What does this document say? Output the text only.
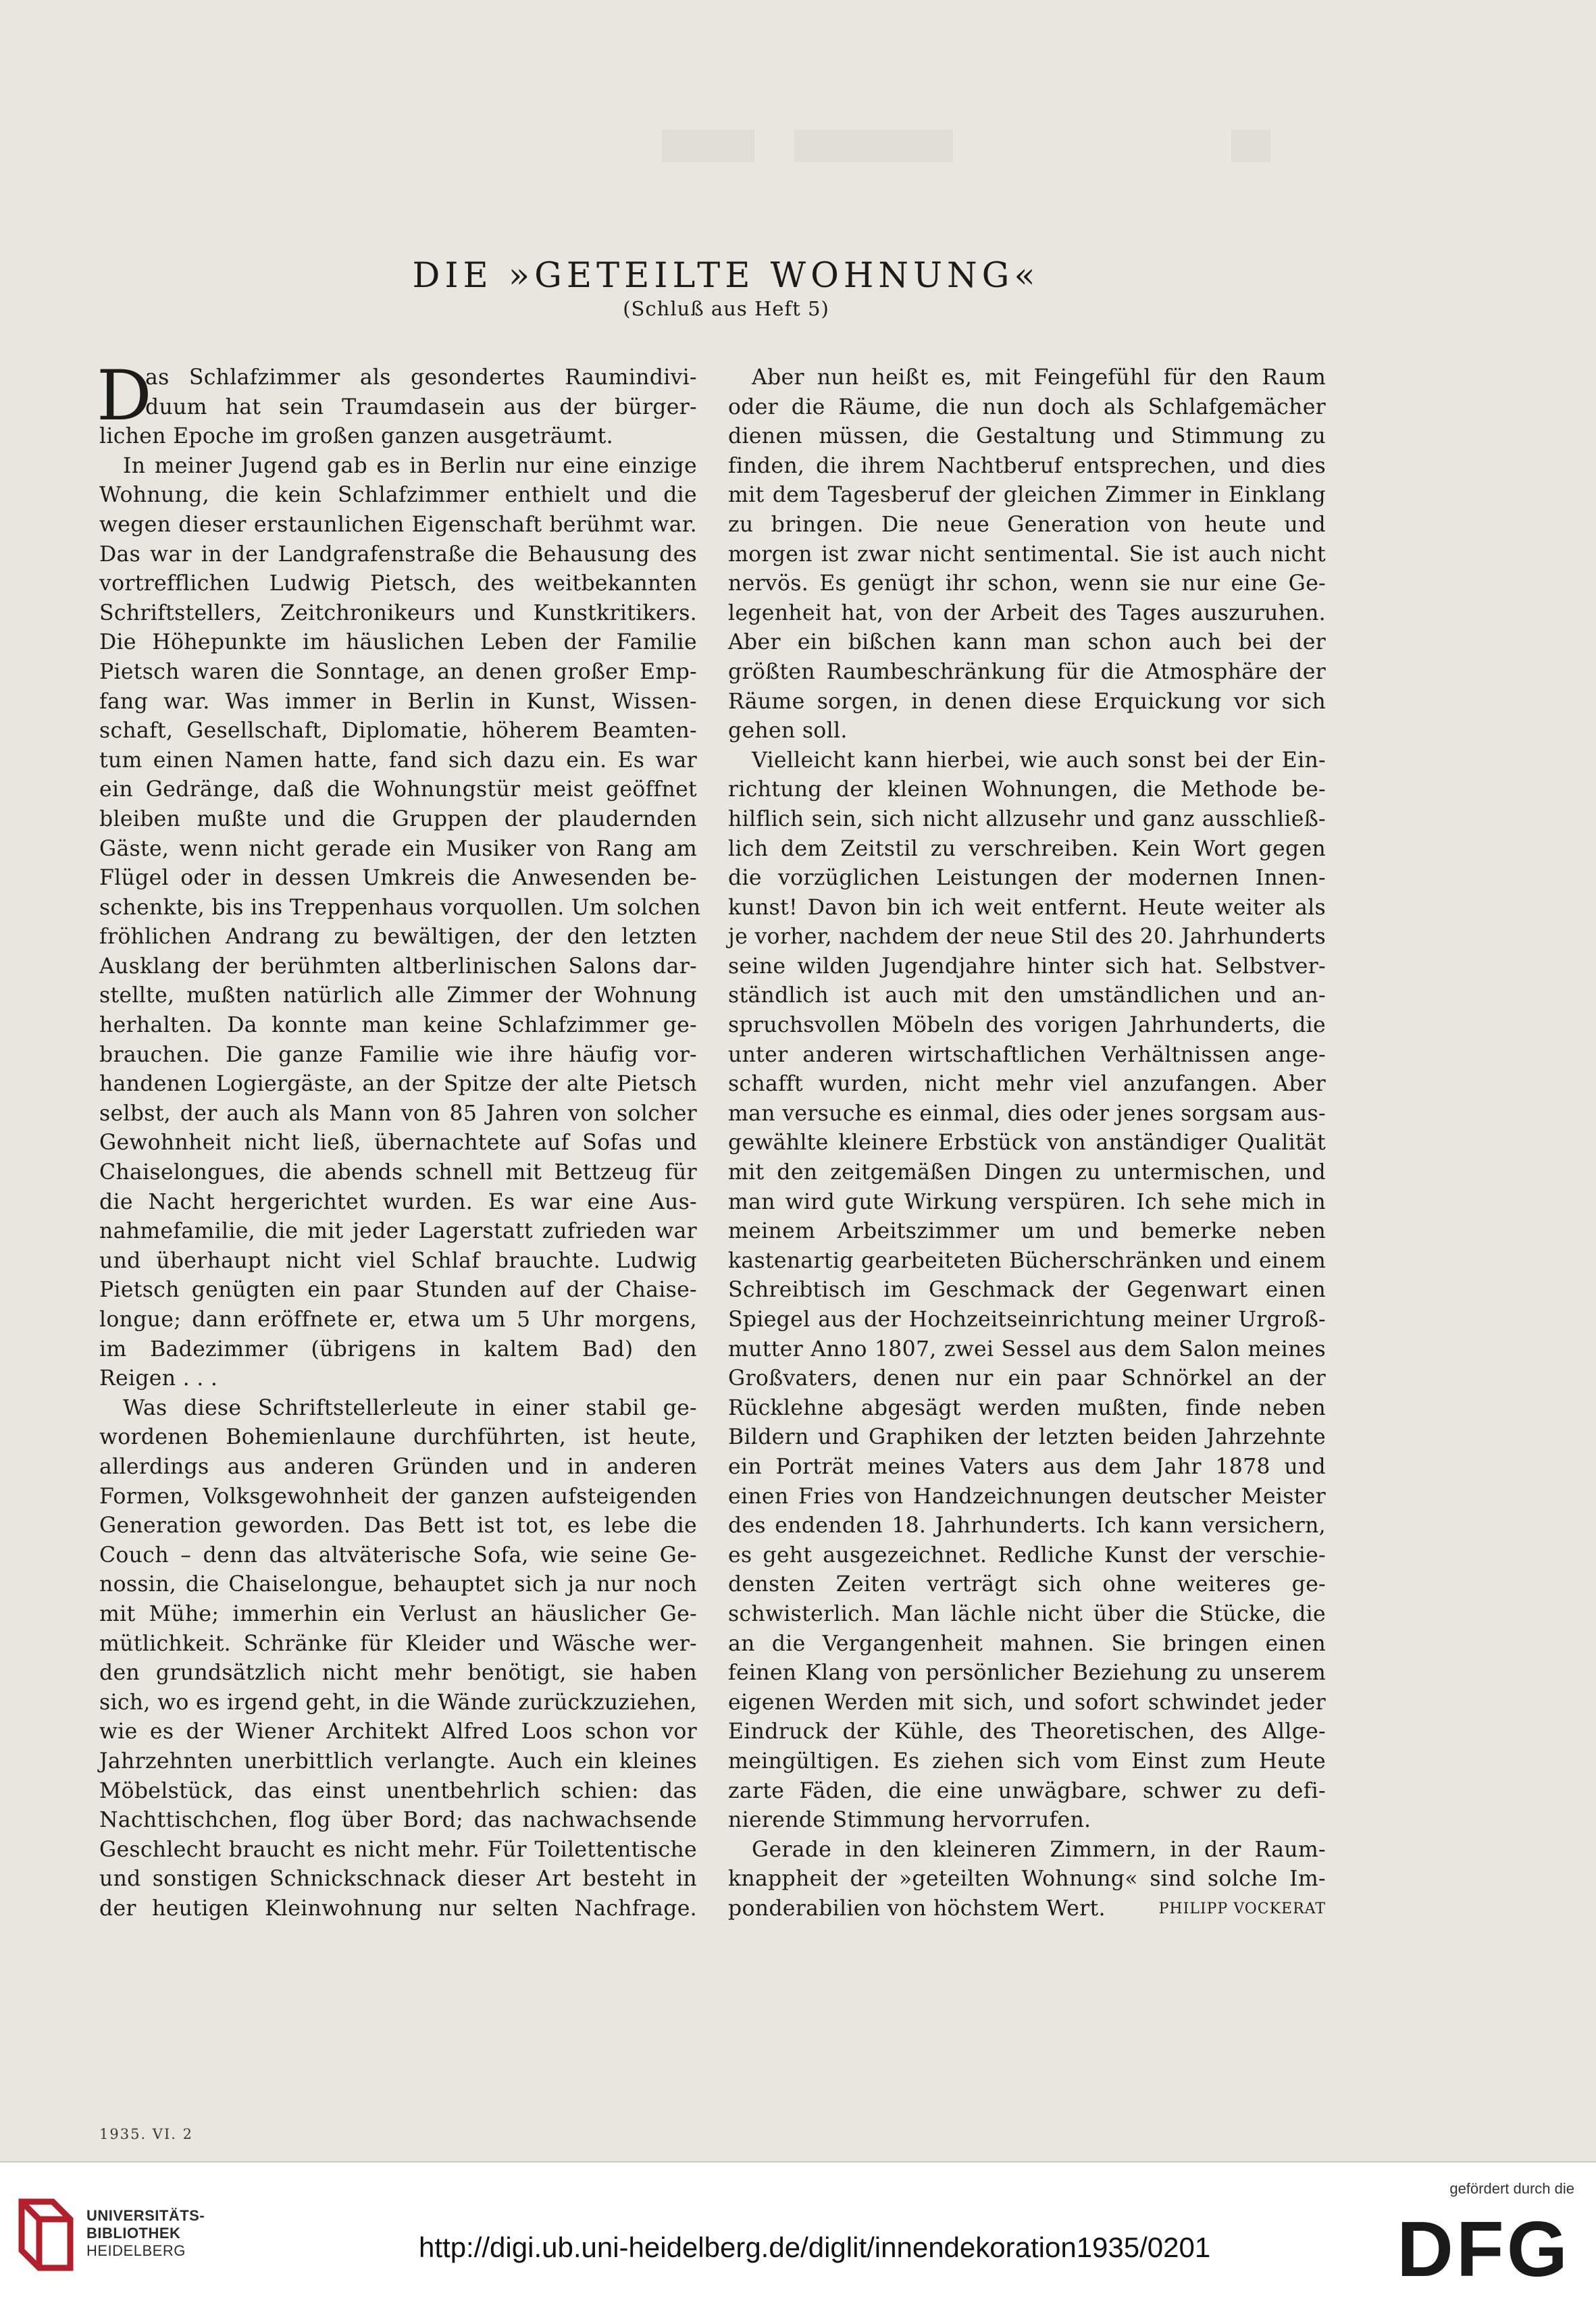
DIE »GETEILTE WOHNUNG«
(Schluß aus Heft 5)
D
as Schlafzimmer als gesondertes Raumindivi-
duum hat sein Traumdasein aus der bürger-
lichen Epoche im großen ganzen ausgeträumt.
In meiner Jugend gab es in Berlin nur eine einzige
Wohnung, die kein Schlafzimmer enthielt und die
wegen dieser erstaunlichen Eigenschaft berühmt war.
Das war in der Landgrafenstraße die Behausung des
vortrefflichen Ludwig Pietsch, des weitbekannten
Schriftstellers, Zeitchronikeurs und Kunstkritikers.
Die Höhepunkte im häuslichen Leben der Familie
Pietsch waren die Sonntage, an denen großer Emp-
fang war. Was immer in Berlin in Kunst, Wissen-
schaft, Gesellschaft, Diplomatie, höherem Beamten-
tum einen Namen hatte, fand sich dazu ein. Es war
ein Gedränge, daß die Wohnungstür meist geöffnet
bleiben mußte und die Gruppen der plaudernden
Gäste, wenn nicht gerade ein Musiker von Rang am
Flügel oder in dessen Umkreis die Anwesenden be-
schenkte, bis ins Treppenhaus vorquollen. Um solchen
fröhlichen Andrang zu bewältigen, der den letzten
Ausklang der berühmten altberlinischen Salons dar-
stellte, mußten natürlich alle Zimmer der Wohnung
herhalten. Da konnte man keine Schlafzimmer ge-
brauchen. Die ganze Familie wie ihre häufig vor-
handenen Logiergäste, an der Spitze der alte Pietsch
selbst, der auch als Mann von 85 Jahren von solcher
Gewohnheit nicht ließ, übernachtete auf Sofas und
Chaiselongues, die abends schnell mit Bettzeug für
die Nacht hergerichtet wurden. Es war eine Aus-
nahmefamilie, die mit jeder Lagerstatt zufrieden war
und überhaupt nicht viel Schlaf brauchte. Ludwig
Pietsch genügten ein paar Stunden auf der Chaise-
longue; dann eröffnete er, etwa um 5 Uhr morgens,
im Badezimmer (übrigens in kaltem Bad) den
Reigen . . .
Was diese Schriftstellerleute in einer stabil ge-
wordenen Bohemienlaune durchführten, ist heute,
allerdings aus anderen Gründen und in anderen
Formen, Volksgewohnheit der ganzen aufsteigenden
Generation geworden. Das Bett ist tot, es lebe die
Couch – denn das altväterische Sofa, wie seine Ge-
nossin, die Chaiselongue, behauptet sich ja nur noch
mit Mühe; immerhin ein Verlust an häuslicher Ge-
mütlichkeit. Schränke für Kleider und Wäsche wer-
den grundsätzlich nicht mehr benötigt, sie haben
sich, wo es irgend geht, in die Wände zurückzuziehen,
wie es der Wiener Architekt Alfred Loos schon vor
Jahrzehnten unerbittlich verlangte. Auch ein kleines
Möbelstück, das einst unentbehrlich schien: das
Nachttischchen, flog über Bord; das nachwachsende
Geschlecht braucht es nicht mehr. Für Toilettentische
und sonstigen Schnickschnack dieser Art besteht in
der heutigen Kleinwohnung nur selten Nachfrage.
Aber nun heißt es, mit Feingefühl für den Raum
oder die Räume, die nun doch als Schlafgemächer
dienen müssen, die Gestaltung und Stimmung zu
finden, die ihrem Nachtberuf entsprechen, und dies
mit dem Tagesberuf der gleichen Zimmer in Einklang
zu bringen. Die neue Generation von heute und
morgen ist zwar nicht sentimental. Sie ist auch nicht
nervös. Es genügt ihr schon, wenn sie nur eine Ge-
legenheit hat, von der Arbeit des Tages auszuruhen.
Aber ein bißchen kann man schon auch bei der
größten Raumbeschränkung für die Atmosphäre der
Räume sorgen, in denen diese Erquickung vor sich
gehen soll.
Vielleicht kann hierbei, wie auch sonst bei der Ein-
richtung der kleinen Wohnungen, die Methode be-
hilflich sein, sich nicht allzusehr und ganz ausschließ-
lich dem Zeitstil zu verschreiben. Kein Wort gegen
die vorzüglichen Leistungen der modernen Innen-
kunst! Davon bin ich weit entfernt. Heute weiter als
je vorher, nachdem der neue Stil des 20. Jahrhunderts
seine wilden Jugendjahre hinter sich hat. Selbstver-
ständlich ist auch mit den umständlichen und an-
spruchsvollen Möbeln des vorigen Jahrhunderts, die
unter anderen wirtschaftlichen Verhältnissen ange-
schafft wurden, nicht mehr viel anzufangen. Aber
man versuche es einmal, dies oder jenes sorgsam aus-
gewählte kleinere Erbstück von anständiger Qualität
mit den zeitgemäßen Dingen zu untermischen, und
man wird gute Wirkung verspüren. Ich sehe mich in
meinem Arbeitszimmer um und bemerke neben
kastenartig gearbeiteten Bücherschränken und einem
Schreibtisch im Geschmack der Gegenwart einen
Spiegel aus der Hochzeitseinrichtung meiner Urgroß-
mutter Anno 1807, zwei Sessel aus dem Salon meines
Großvaters, denen nur ein paar Schnörkel an der
Rücklehne abgesägt werden mußten, finde neben
Bildern und Graphiken der letzten beiden Jahrzehnte
ein Porträt meines Vaters aus dem Jahr 1878 und
einen Fries von Handzeichnungen deutscher Meister
des endenden 18. Jahrhunderts. Ich kann versichern,
es geht ausgezeichnet. Redliche Kunst der verschie-
densten Zeiten verträgt sich ohne weiteres ge-
schwisterlich. Man lächle nicht über die Stücke, die
an die Vergangenheit mahnen. Sie bringen einen
feinen Klang von persönlicher Beziehung zu unserem
eigenen Werden mit sich, und sofort schwindet jeder
Eindruck der Kühle, des Theoretischen, des Allge-
meingültigen. Es ziehen sich vom Einst zum Heute
zarte Fäden, die eine unwägbare, schwer zu defi-
nierende Stimmung hervorrufen.
Gerade in den kleineren Zimmern, in der Raum-
knappheit der »geteilten Wohnung« sind solche Im-
ponderabilien von höchstem Wert.	PHILIPP VOCKERAT
1935. VI. 2
UNIVERSITÄTS-
BIBLIOTHEK
HEIDELBERG	http://digi.ub.uni-heidelberg.de/diglit/innendekoration1935/0201
gefördert durch die
DFG
